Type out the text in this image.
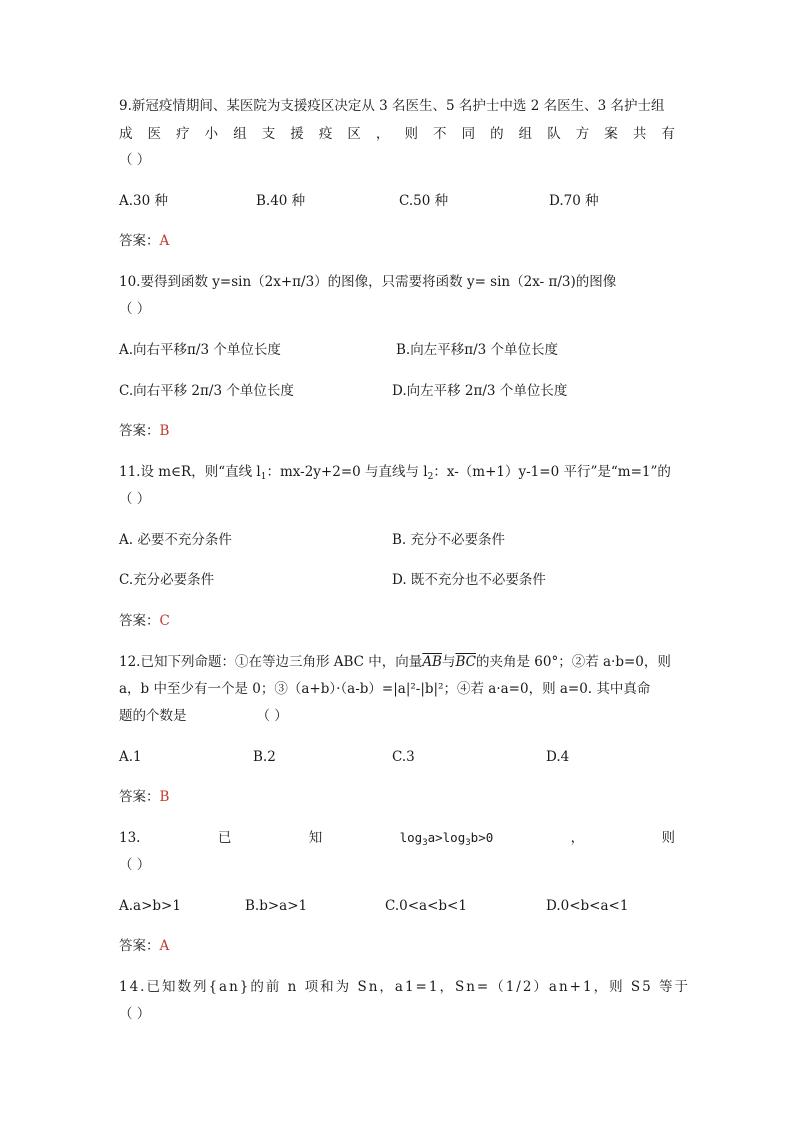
9.新冠疫情期间、某医院为支援疫区决定从 3 名医生、5 名护士中选 2 名医生、3 名护士组
成 医 疗 小 组 支 援 疫 区 ， 则 不 同 的 组 队 方 案 共 有
（ ）
A.30 种	B.40 种	C.50 种	D.70 种
答案：A
10.要得到函数 y=sin（2x+π/3）的图像，只需要将函数 y= sin（2x- π/3)的图像
（ ）
A.向右平移π/3 个单位长度	B.向左平移π/3 个单位长度
C.向右平移 2π/3 个单位长度	D.向左平移 2π/3 个单位长度
答案：B
11.设 m∈R，则“直线 $l_1$：mx-2y+2=0 与直线与 $l_2$：x-（m+1）y-1=0 平行”是“m=1”的
（ ）
A. 必要不充分条件	B. 充分不必要条件
C.充分必要条件	D. 既不充分也不必要条件
答案：C
12.已知下列命题：①在等边三角形 ABC 中，向量$\overline{AB}$与$\overline{BC}$的夹角是 60°；②若 a·b=0，则
a，b 中至少有一个是 0；③（a+b）·（a-b）=|a|²-|b|²；④若 a·a=0，则 a=0. 其中真命
题的个数是	（ ）
A.1	B.2	C.3	D.4
答案：B
13.	已	知	$\log_3a>\log_3b>0$	，	则
（ ）
A.a>b>1	B.b>a>1	C.0<a<b<1	D.0<b<a<1
答案：A
14.已知数列{an}的前 n 项和为 Sn，a1=1，Sn=（1/2）an+1，则 S5 等于
（ ）
